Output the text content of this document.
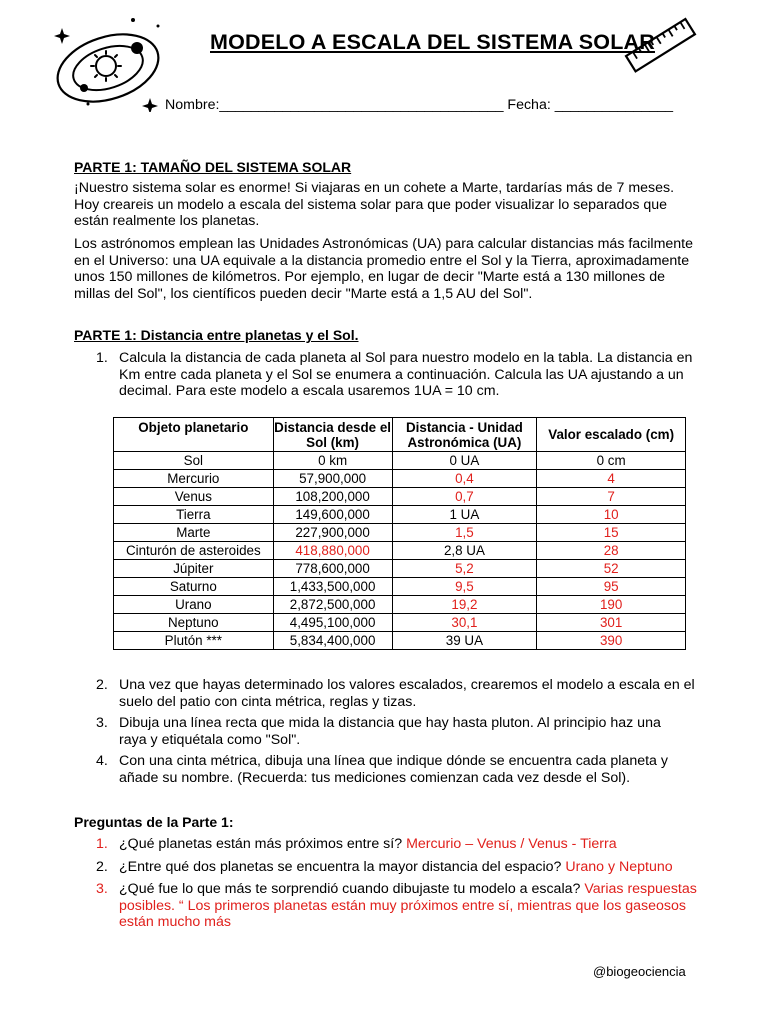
MODELO A ESCALA DEL SISTEMA SOLAR
Nombre:____________________________________ Fecha: _______________
PARTE 1: TAMAÑO DEL SISTEMA SOLAR

¡Nuestro sistema solar es enorme! Si viajaras en un cohete a Marte, tardarías más de 7 meses. Hoy creareis un modelo a escala del sistema solar para que poder visualizar lo separados que están realmente los planetas.

Los astrónomos emplean las Unidades Astronómicas (UA) para calcular distancias más facilmente en el Universo: una UA equivale a la distancia promedio entre el Sol y la Tierra, aproximadamente unos 150 millones de kilómetros. Por ejemplo, en lugar de decir "Marte está a 130 millones de millas del Sol", los científicos pueden decir "Marte está a 1,5 AU del Sol".

PARTE 1: Distancia entre planetas y el Sol.
1. Calcula la distancia de cada planeta al Sol para nuestro modelo en la tabla. La distancia en Km entre cada planeta y el Sol se enumera a continuación. Calcula las UA ajustando a un decimal. Para este modelo a escala usaremos 1UA = 10 cm.
Objeto planetario	Distancia desde el Sol (km)	Distancia - Unidad Astronómica (UA)	Valor escalado (cm)
Sol	0 km	0 UA	0 cm
Mercurio	57,900,000	0,4	4
Venus	108,200,000	0,7	7
Tierra	149,600,000	1 UA	10
Marte	227,900,000	1,5	15
Cinturón de asteroides	418,880,000	2,8 UA	28
Júpiter	778,600,000	5,2	52
Saturno	1,433,500,000	9,5	95
Urano	2,872,500,000	19,2	190
Neptuno	4,495,100,000	30,1	301
Plutón ***	5,834,400,000	39 UA	390
2. Una vez que hayas determinado los valores escalados, crearemos el modelo a escala en el suelo del patio con cinta métrica, reglas y tizas.
3. Dibuja una línea recta que mida la distancia que hay hasta pluton. Al principio haz una raya y etiquétala como "Sol".
4. Con una cinta métrica, dibuja una línea que indique dónde se encuentra cada planeta y añade su nombre. (Recuerda: tus mediciones comienzan cada vez desde el Sol).
Preguntas de la Parte 1:
1. ¿Qué planetas están más próximos entre sí? Mercurio – Venus / Venus - Tierra
2. ¿Entre qué dos planetas se encuentra la mayor distancia del espacio? Urano y Neptuno
3. ¿Qué fue lo que más te sorprendió cuando dibujaste tu modelo a escala? Varias respuestas posibles. “ Los primeros planetas están muy próximos entre sí, mientras que los gaseosos están mucho más
@biogeociencia
